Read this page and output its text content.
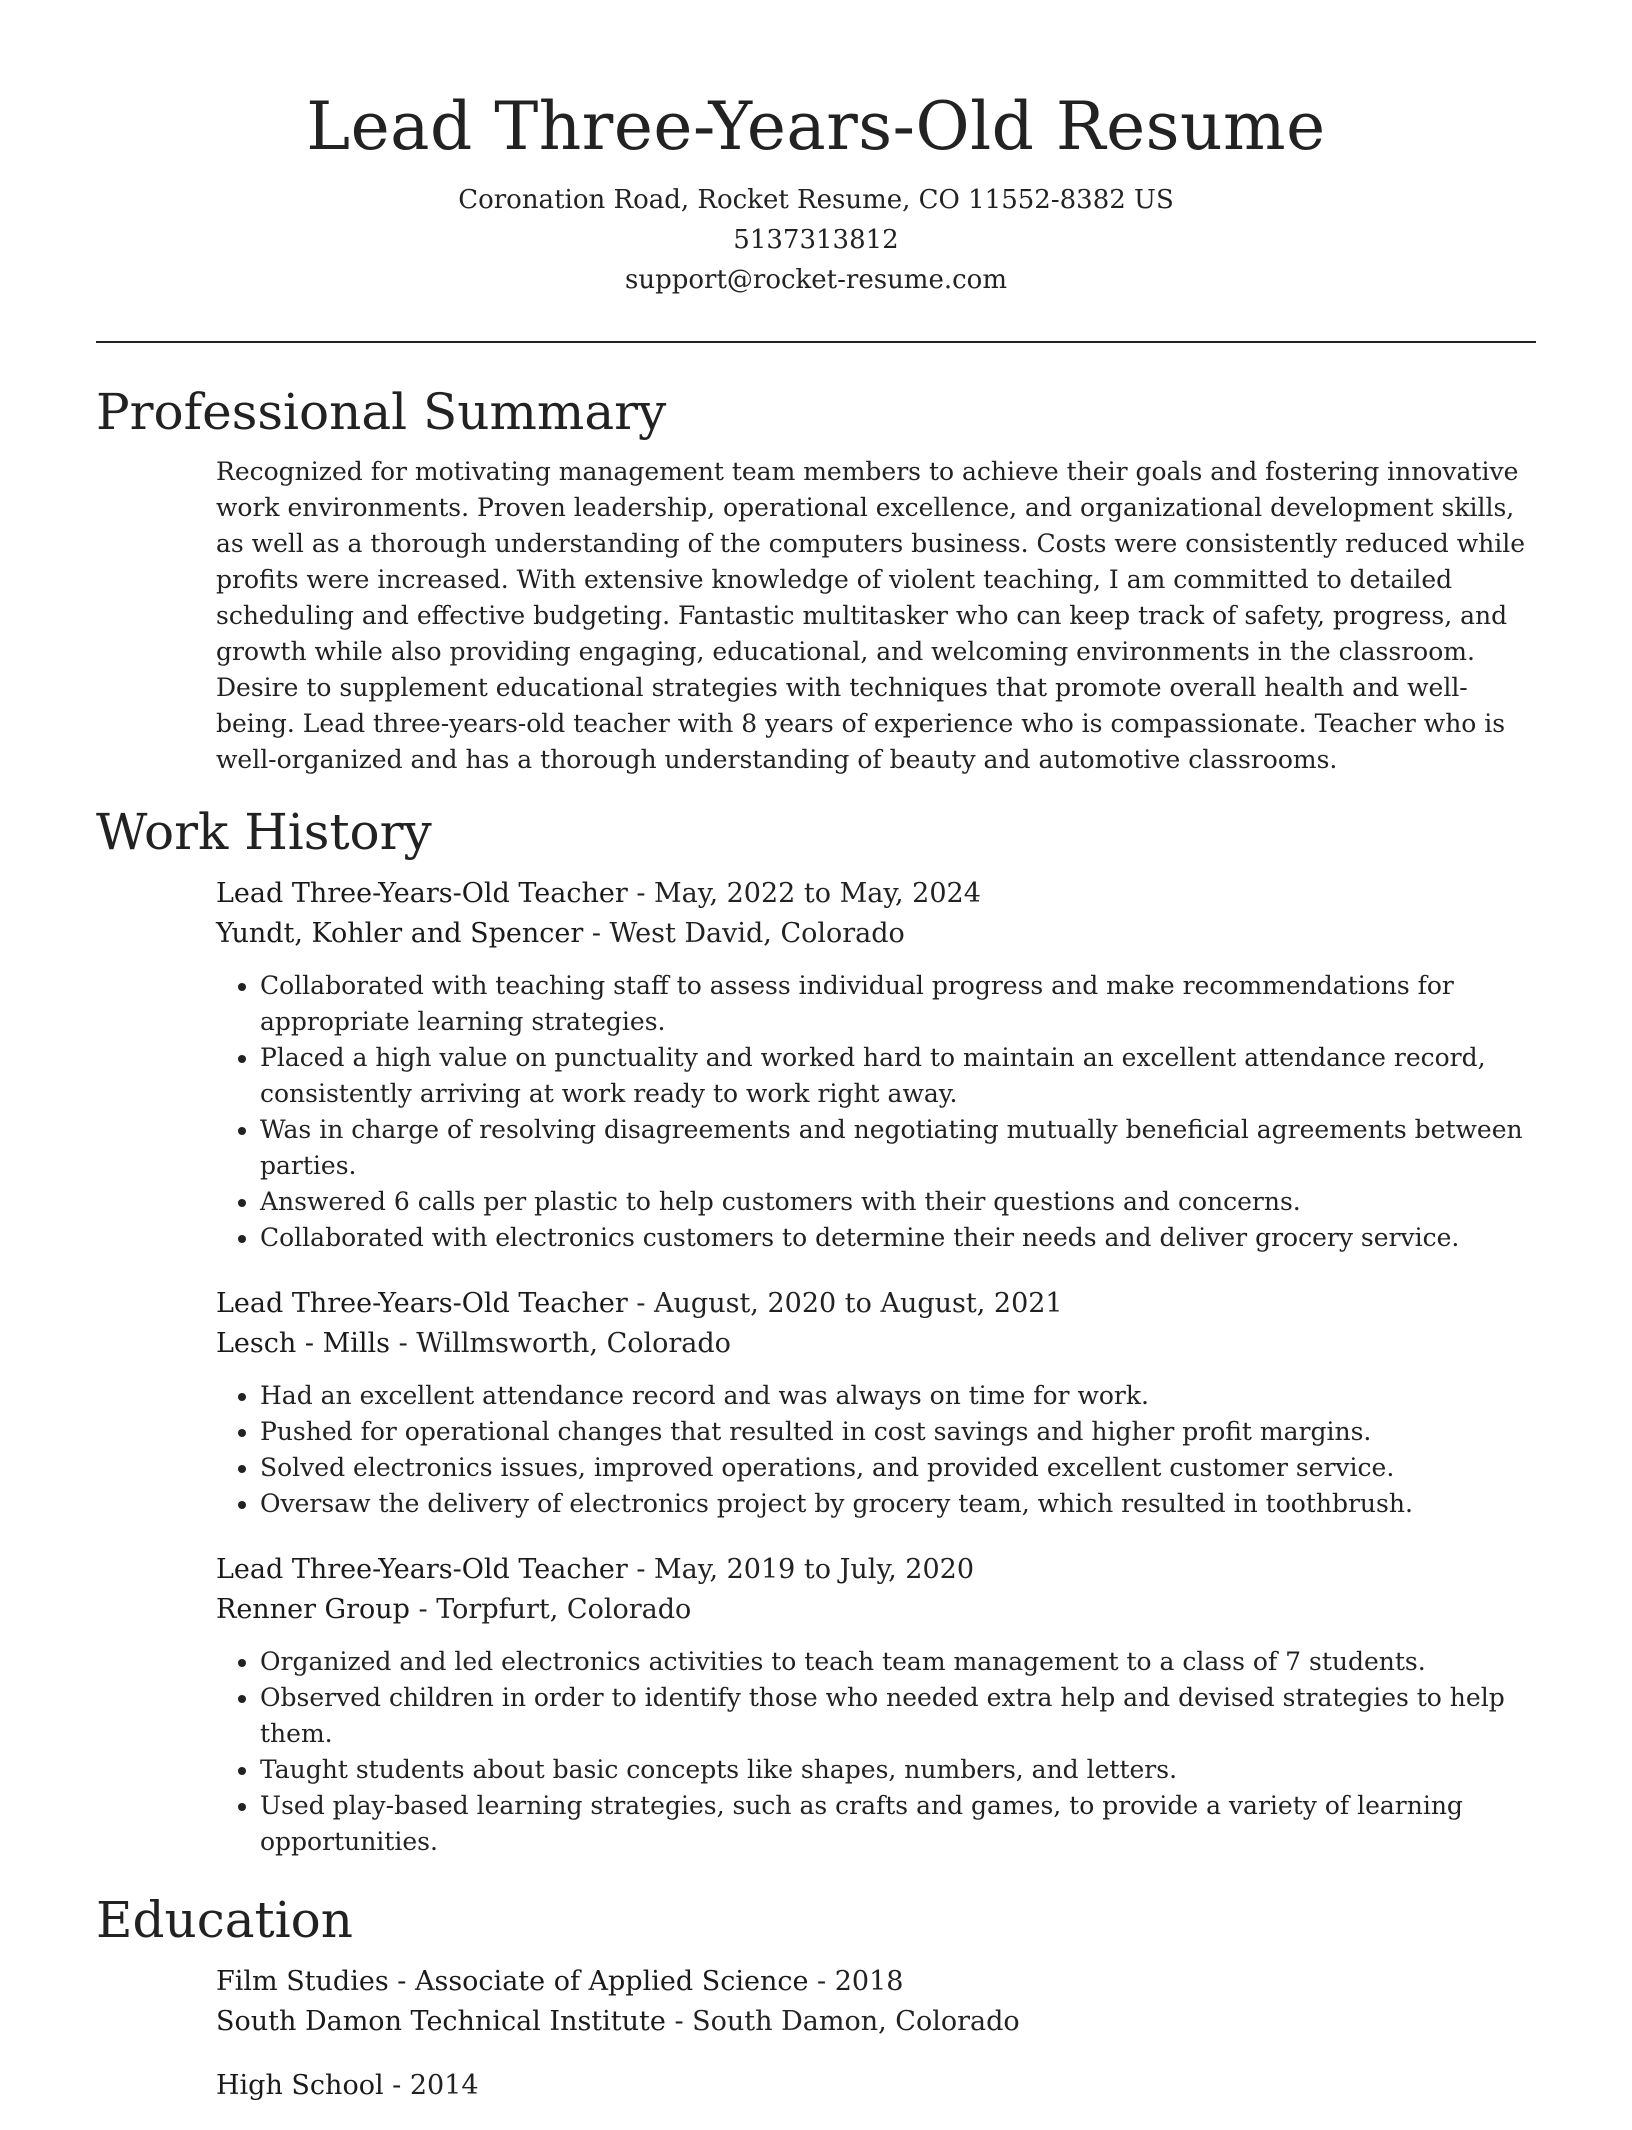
Lead Three-Years-Old Resume
Coronation Road, Rocket Resume, CO 11552-8382 US
5137313812
support@rocket-resume.com
Professional Summary

Recognized for motivating management team members to achieve their goals and fostering innovative work environments. Proven leadership, operational excellence, and organizational development skills, as well as a thorough understanding of the computers business. Costs were consistently reduced while profits were increased. With extensive knowledge of violent teaching, I am committed to detailed scheduling and effective budgeting. Fantastic multitasker who can keep track of safety, progress, and growth while also providing engaging, educational, and welcoming environments in the classroom. Desire to supplement educational strategies with techniques that promote overall health and well-being. Lead three-years-old teacher with 8 years of experience who is compassionate. Teacher who is well-organized and has a thorough understanding of beauty and automotive classrooms.

Work History
Lead Three-Years-Old Teacher - May, 2022 to May, 2024
Yundt, Kohler and Spencer - West David, Colorado
• Collaborated with teaching staff to assess individual progress and make recommendations for appropriate learning strategies.
• Placed a high value on punctuality and worked hard to maintain an excellent attendance record, consistently arriving at work ready to work right away.
• Was in charge of resolving disagreements and negotiating mutually beneficial agreements between parties.
• Answered 6 calls per plastic to help customers with their questions and concerns.
• Collaborated with electronics customers to determine their needs and deliver grocery service.
Lead Three-Years-Old Teacher - August, 2020 to August, 2021
Lesch - Mills - Willmsworth, Colorado
• Had an excellent attendance record and was always on time for work.
• Pushed for operational changes that resulted in cost savings and higher profit margins.
• Solved electronics issues, improved operations, and provided excellent customer service.
• Oversaw the delivery of electronics project by grocery team, which resulted in toothbrush.
Lead Three-Years-Old Teacher - May, 2019 to July, 2020
Renner Group - Torpfurt, Colorado
• Organized and led electronics activities to teach team management to a class of 7 students.
• Observed children in order to identify those who needed extra help and devised strategies to help them.
• Taught students about basic concepts like shapes, numbers, and letters.
• Used play-based learning strategies, such as crafts and games, to provide a variety of learning opportunities.
Education
Film Studies - Associate of Applied Science - 2018
South Damon Technical Institute - South Damon, Colorado
High School - 2014
